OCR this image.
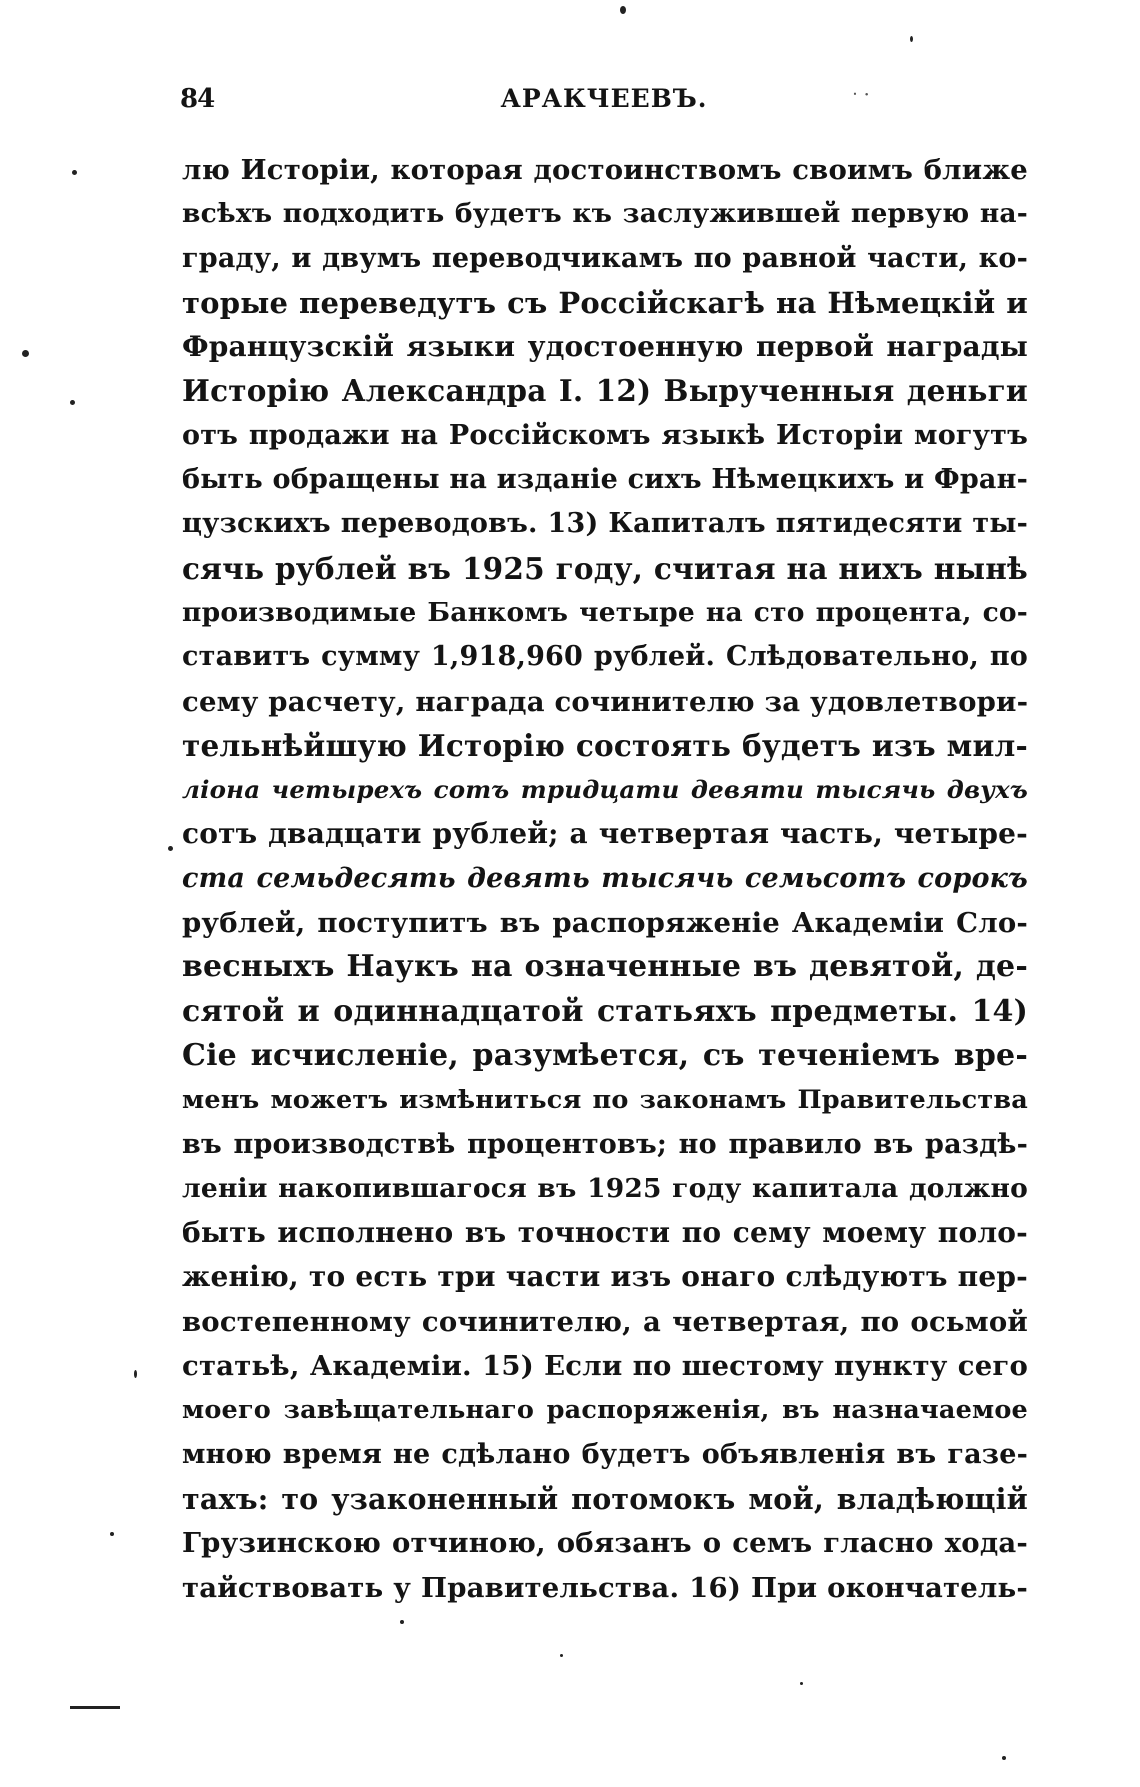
84	АРАКЧЕЕВЪ.	ᐧ ·
лю Исторіи, которая достоинствомъ своимъ ближе
всѣхъ подходить будетъ къ заслужившей первую на-
граду, и двумъ переводчикамъ по равной части, ко-
торые переведутъ съ Россійскагѣ на Нѣмецкій и
Французскій языки удостоенную первой награды
Исторію Александра I. 12) Вырученныя деньги
отъ продажи на Россійскомъ языкѣ Исторіи могутъ
быть обращены на изданіе сихъ Нѣмецкихъ и Фран-
цузскихъ переводовъ. 13) Капиталъ пятидесяти ты-
сячь рублей въ 1925 году, считая на нихъ нынѣ
производимые Банкомъ четыре на сто процента, со-
ставитъ сумму 1,918,960 рублей. Слѣдовательно, по
сему расчету, награда сочинителю за удовлетвори-
тельнѣйшую Исторію состоять будетъ изъ мил-
ліона четырехъ сотъ тридцати девяти тысячь двухъ
сотъ двадцати рублей; а четвертая часть, четыре-
ста семьдесять девять тысячь семьсотъ сорокъ
рублей, поступитъ въ распоряженіе Академіи Сло-
весныхъ Наукъ на означенные въ девятой, де-
сятой и одиннадцатой статьяхъ предметы. 14)
Сіе исчисленіе, разумѣется, съ теченіемъ вре-
менъ можетъ измѣниться по законамъ Правительства
въ производствѣ процентовъ; но правило въ раздѣ-
леніи накопившагося въ 1925 году капитала должно
быть исполнено въ точности по сему моему поло-
женію, то есть три части изъ онаго слѣдуютъ пер-
востепенному сочинителю, а четвертая, по осьмой
статьѣ, Академіи. 15) Если по шестому пункту сего
моего завѣщательнаго распоряженія, въ назначаемое
мною время не сдѣлано будетъ объявленія въ газе-
тахъ: то узаконенный потомокъ мой, владѣющій
Грузинскою отчиною, обязанъ о семъ гласно хода-
тайствовать у Правительства. 16) При окончатель-
